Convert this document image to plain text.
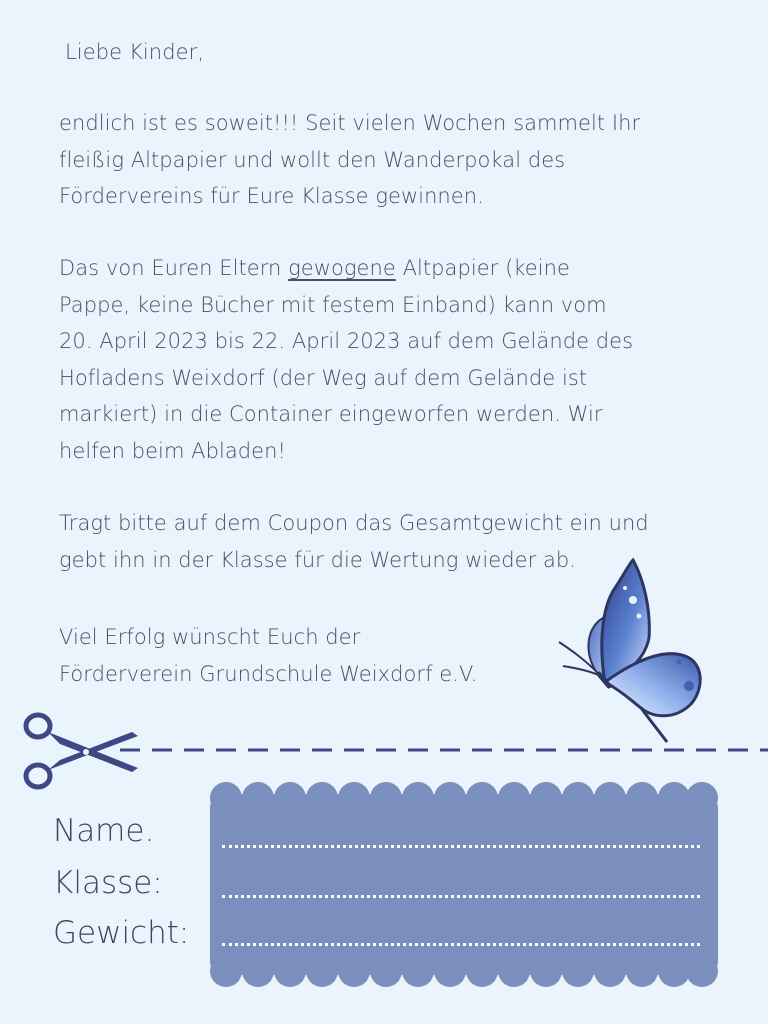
Liebe Kinder,
endlich ist es soweit!!! Seit vielen Wochen sammelt Ihr
fleißig Altpapier und wollt den Wanderpokal des
Fördervereins für Eure Klasse gewinnen.
Das von Euren Eltern gewogene Altpapier (keine
Pappe, keine Bücher mit festem Einband) kann vom
20. April 2023 bis 22. April 2023 auf dem Gelände des
Hofladens Weixdorf (der Weg auf dem Gelände ist
markiert) in die Container eingeworfen werden. Wir
helfen beim Abladen!
Tragt bitte auf dem Coupon das Gesamtgewicht ein und
gebt ihn in der Klasse für die Wertung wieder ab.
Viel Erfolg wünscht Euch der
Förderverein Grundschule Weixdorf e.V.
Name.
Klasse:
Gewicht:
